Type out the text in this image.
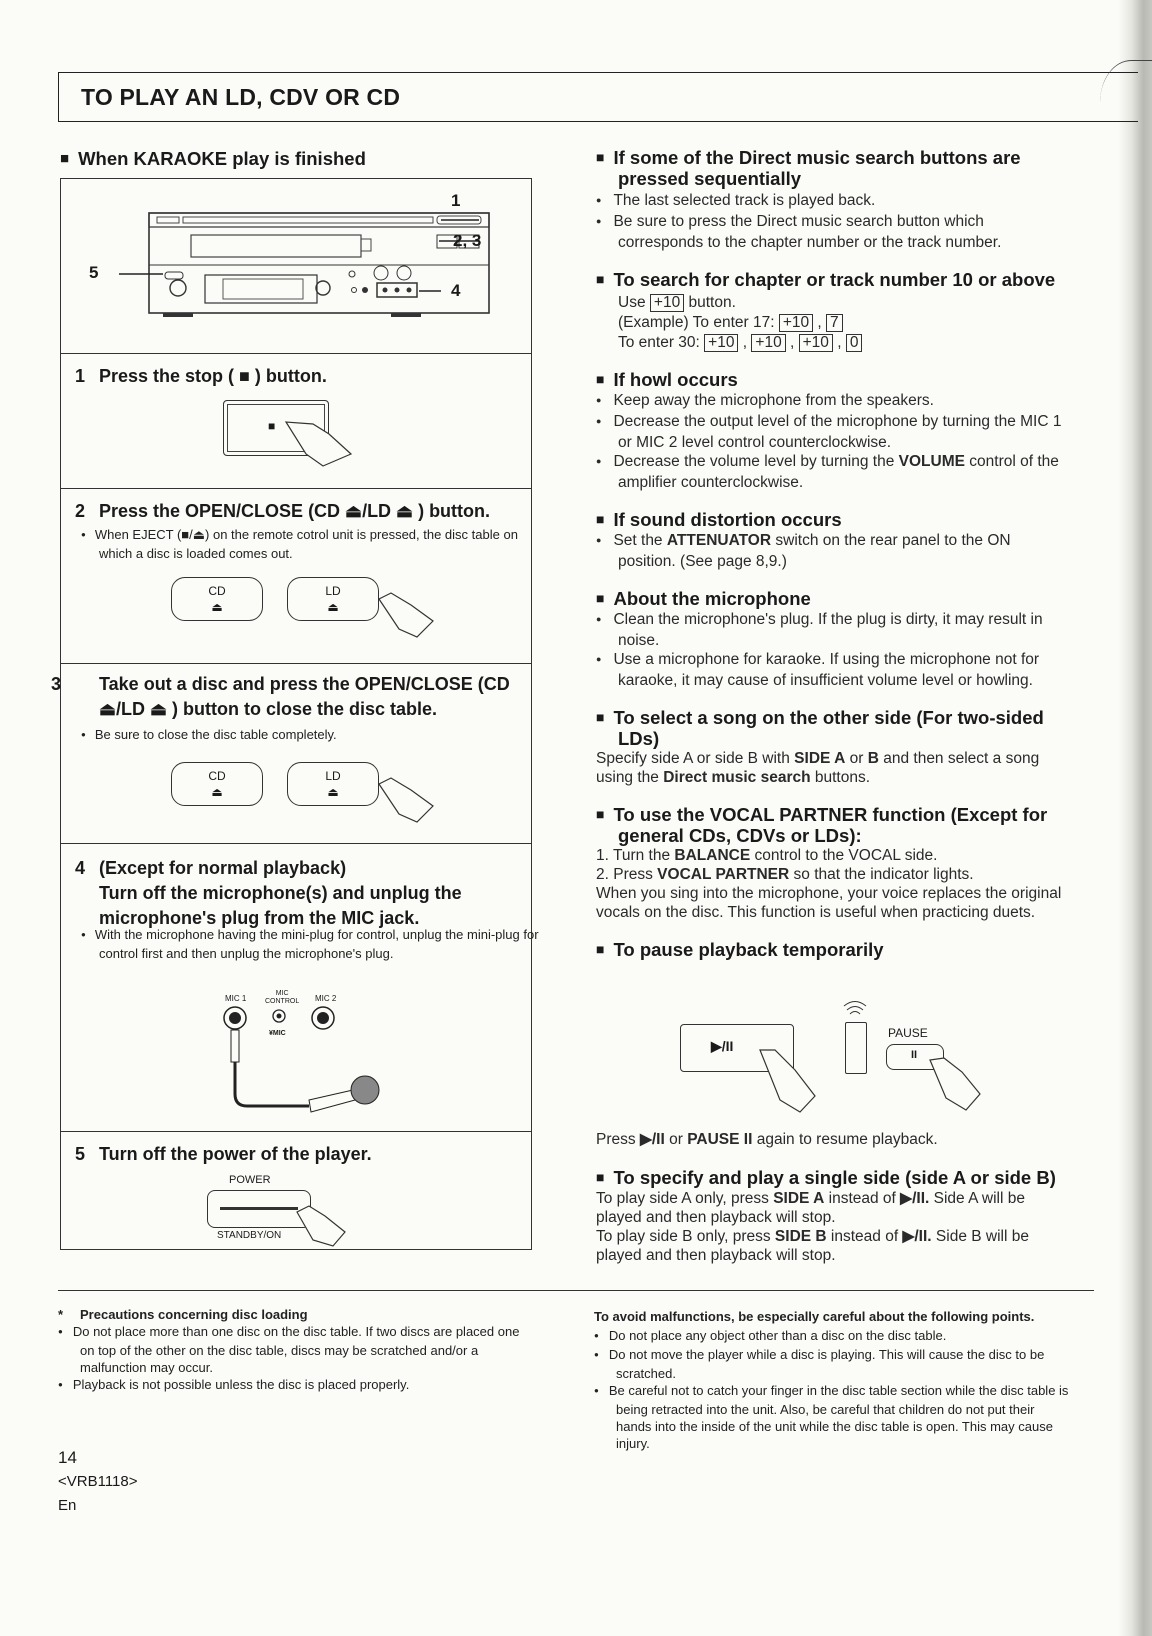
TO PLAY AN LD, CDV OR CD
■ When KARAOKE play is finished
1
2, 3
4
5
1 Press the stop ( ■ ) button.
■
2 Press the OPEN/CLOSE (CD ⏏/LD ⏏ ) button.
● When EJECT (■/⏏) on the remote cotrol unit is pressed, the disc table on which a disc is loaded comes out.
CD
⏏
LD
⏏
3 Take out a disc and press the OPEN/CLOSE (CD ⏏/LD ⏏ ) button to close the disc table.
● Be sure to close the disc table completely.
CD
⏏
LD
⏏
4 (Except for normal playback)
Turn off the microphone(s) and unplug the microphone's plug from the MIC jack.
● With the microphone having the mini-plug for control, unplug the mini-plug for control first and then unplug the microphone's plug.
MIC 1
MIC
CONTROL MIC 2
¥MIC
5 Turn off the power of the player.
POWER
STANDBY/ON
■ If some of the Direct music search buttons are pressed sequentially
● The last selected track is played back.
● Be sure to press the Direct music search button which corresponds to the chapter number or the track number.
■ To search for chapter or track number 10 or above
Use +10 button.
(Example) To enter 17: +10 , 7
To enter 30: +10 , +10 , +10 , 0
■ If howl occurs
● Keep away the microphone from the speakers.
● Decrease the output level of the microphone by turning the MIC 1 or MIC 2 level control counterclockwise.
● Decrease the volume level by turning the VOLUME control of the amplifier counterclockwise.
■ If sound distortion occurs
● Set the ATTENUATOR switch on the rear panel to the ON position. (See page 8,9.)
■ About the microphone
● Clean the microphone's plug. If the plug is dirty, it may result in noise.
● Use a microphone for karaoke. If using the microphone not for karaoke, it may cause of insufficient volume level or howling.
■ To select a song on the other side (For two-sided LDs)
Specify side A or side B with SIDE A or B and then select a song using the Direct music search buttons.
■ To use the VOCAL PARTNER function (Except for general CDs, CDVs or LDs):
1. Turn the BALANCE control to the VOCAL side.
2. Press VOCAL PARTNER so that the indicator lights.
When you sing into the microphone, your voice replaces the original vocals on the disc. This function is useful when practicing duets.
■ To pause playback temporarily
▶/II
PAUSE
II
Press ▶/II or PAUSE II again to resume playback.
■ To specify and play a single side (side A or side B)
To play side A only, press SIDE A instead of ▶/II. Side A will be played and then playback will stop.
To play side B only, press SIDE B instead of ▶/II. Side B will be played and then playback will stop.
* Precautions concerning disc loading
● Do not place more than one disc on the disc table. If two discs are placed one on top of the other on the disc table, discs may be scratched and/or a malfunction may occur.
● Playback is not possible unless the disc is placed properly.
To avoid malfunctions, be especially careful about the following points.
● Do not place any object other than a disc on the disc table.
● Do not move the player while a disc is playing. This will cause the disc to be scratched.
● Be careful not to catch your finger in the disc table section while the disc table is being retracted into the unit. Also, be careful that children do not put their hands into the inside of the unit while the disc table is open. This may cause injury.
14
<VRB1118>
En
